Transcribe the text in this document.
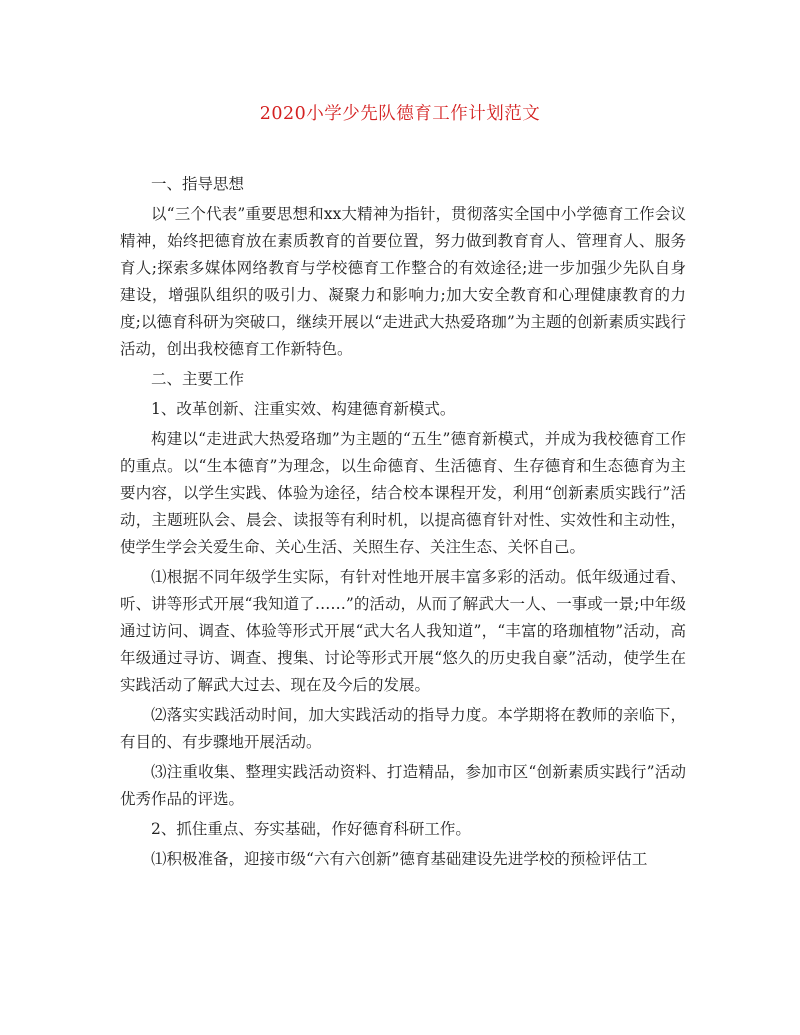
2020小学少先队德育工作计划范文

一、指导思想

以“三个代表”重要思想和xx大精神为指针，贯彻落实全国中小学德育工作会议精神，始终把德育放在素质教育的首要位置，努力做到教育育人、管理育人、服务育人;探索多媒体网络教育与学校德育工作整合的有效途径;进一步加强少先队自身建设，增强队组织的吸引力、凝聚力和影响力;加大安全教育和心理健康教育的力度;以德育科研为突破口，继续开展以“走进武大热爱珞珈”为主题的创新素质实践行活动，创出我校德育工作新特色。

二、主要工作

1、改革创新、注重实效、构建德育新模式。

构建以“走进武大热爱珞珈”为主题的“五生”德育新模式，并成为我校德育工作的重点。以“生本德育”为理念，以生命德育、生活德育、生存德育和生态德育为主要内容，以学生实践、体验为途径，结合校本课程开发，利用“创新素质实践行”活动，主题班队会、晨会、读报等有利时机，以提高德育针对性、实效性和主动性，使学生学会关爱生命、关心生活、关照生存、关注生态、关怀自己。

⑴根据不同年级学生实际，有针对性地开展丰富多彩的活动。低年级通过看、听、讲等形式开展“我知道了……”的活动，从而了解武大一人、一事或一景;中年级通过访问、调查、体验等形式开展“武大名人我知道”，“丰富的珞珈植物”活动，高年级通过寻访、调查、搜集、讨论等形式开展“悠久的历史我自豪”活动，使学生在实践活动了解武大过去、现在及今后的发展。

⑵落实实践活动时间，加大实践活动的指导力度。本学期将在教师的亲临下，有目的、有步骤地开展活动。

⑶注重收集、整理实践活动资料、打造精品，参加市区“创新素质实践行”活动优秀作品的评选。

2、抓住重点、夯实基础，作好德育科研工作。

⑴积极准备，迎接市级“六有六创新”德育基础建设先进学校的预检评估工
